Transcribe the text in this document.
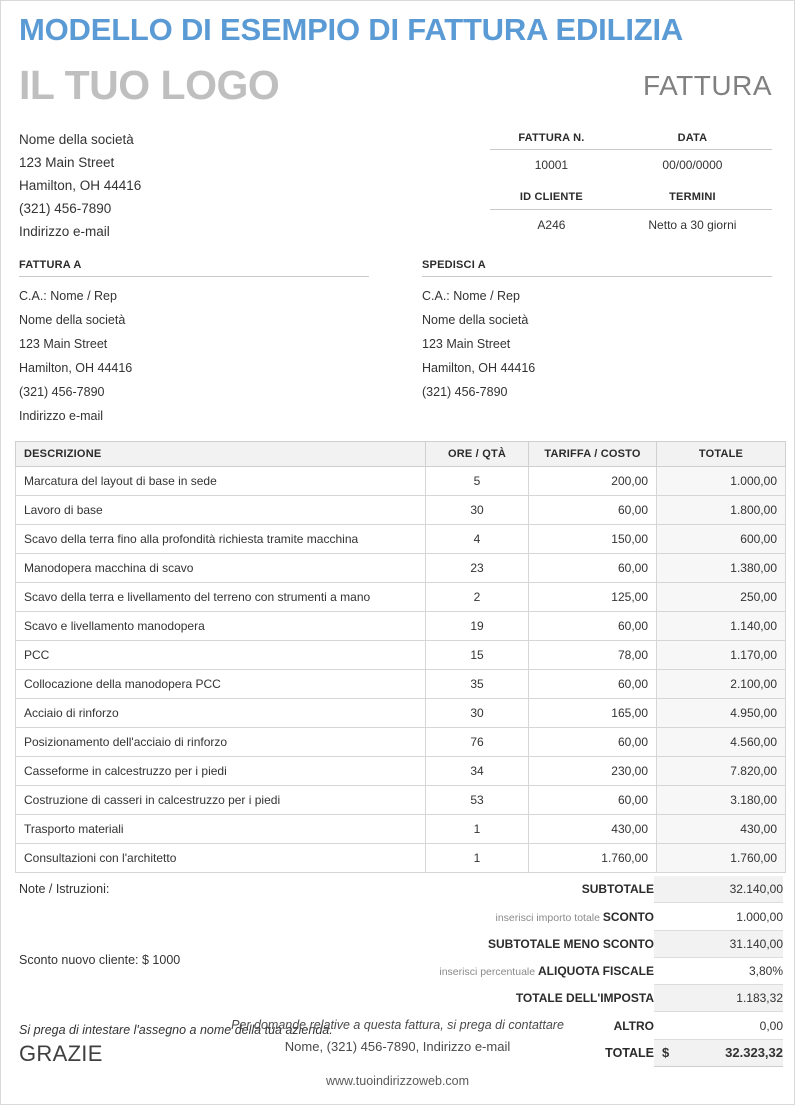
MODELLO DI ESEMPIO DI FATTURA EDILIZIA
IL TUO LOGO	FATTURA
Nome della società
123 Main Street
Hamilton, OH 44416
(321) 456-7890
Indirizzo e-mail
FATTURA N.	DATA
10001	00/00/0000
ID CLIENTE	TERMINI
A246	Netto a 30 giorni
FATTURA A
C.A.: Nome / Rep
Nome della società
123 Main Street
Hamilton, OH 44416
(321) 456-7890
Indirizzo e-mail
SPEDISCI A
C.A.: Nome / Rep
Nome della società
123 Main Street
Hamilton, OH 44416
(321) 456-7890
DESCRIZIONE	ORE / QTÀ	TARIFFA / COSTO	TOTALE
Marcatura del layout di base in sede	5	200,00	1.000,00
Lavoro di base	30	60,00	1.800,00
Scavo della terra fino alla profondità richiesta tramite macchina	4	150,00	600,00
Manodopera macchina di scavo	23	60,00	1.380,00
Scavo della terra e livellamento del terreno con strumenti a mano	2	125,00	250,00
Scavo e livellamento manodopera	19	60,00	1.140,00
PCC	15	78,00	1.170,00
Collocazione della manodopera PCC	35	60,00	2.100,00
Acciaio di rinforzo	30	165,00	4.950,00
Posizionamento dell'acciaio di rinforzo	76	60,00	4.560,00
Casseforme in calcestruzzo per i piedi	34	230,00	7.820,00
Costruzione di casseri in calcestruzzo per i piedi	53	60,00	3.180,00
Trasporto materiali	1	430,00	430,00
Consultazioni con l'architetto	1	1.760,00	1.760,00
Note / Istruzioni:
Sconto nuovo cliente: $ 1000
Si prega di intestare l'assegno a nome della tua azienda.
GRAZIE
SUBTOTALE	32.140,00
inserisci importo totale SCONTO	1.000,00
SUBTOTALE MENO SCONTO	31.140,00
inserisci percentuale ALIQUOTA FISCALE	3,80%
TOTALE DELL'IMPOSTA	1.183,32
ALTRO	0,00
TOTALE	$ 32.323,32
Per domande relative a questa fattura, si prega di contattare
Nome, (321) 456-7890, Indirizzo e-mail
www.tuoindirizzoweb.com
